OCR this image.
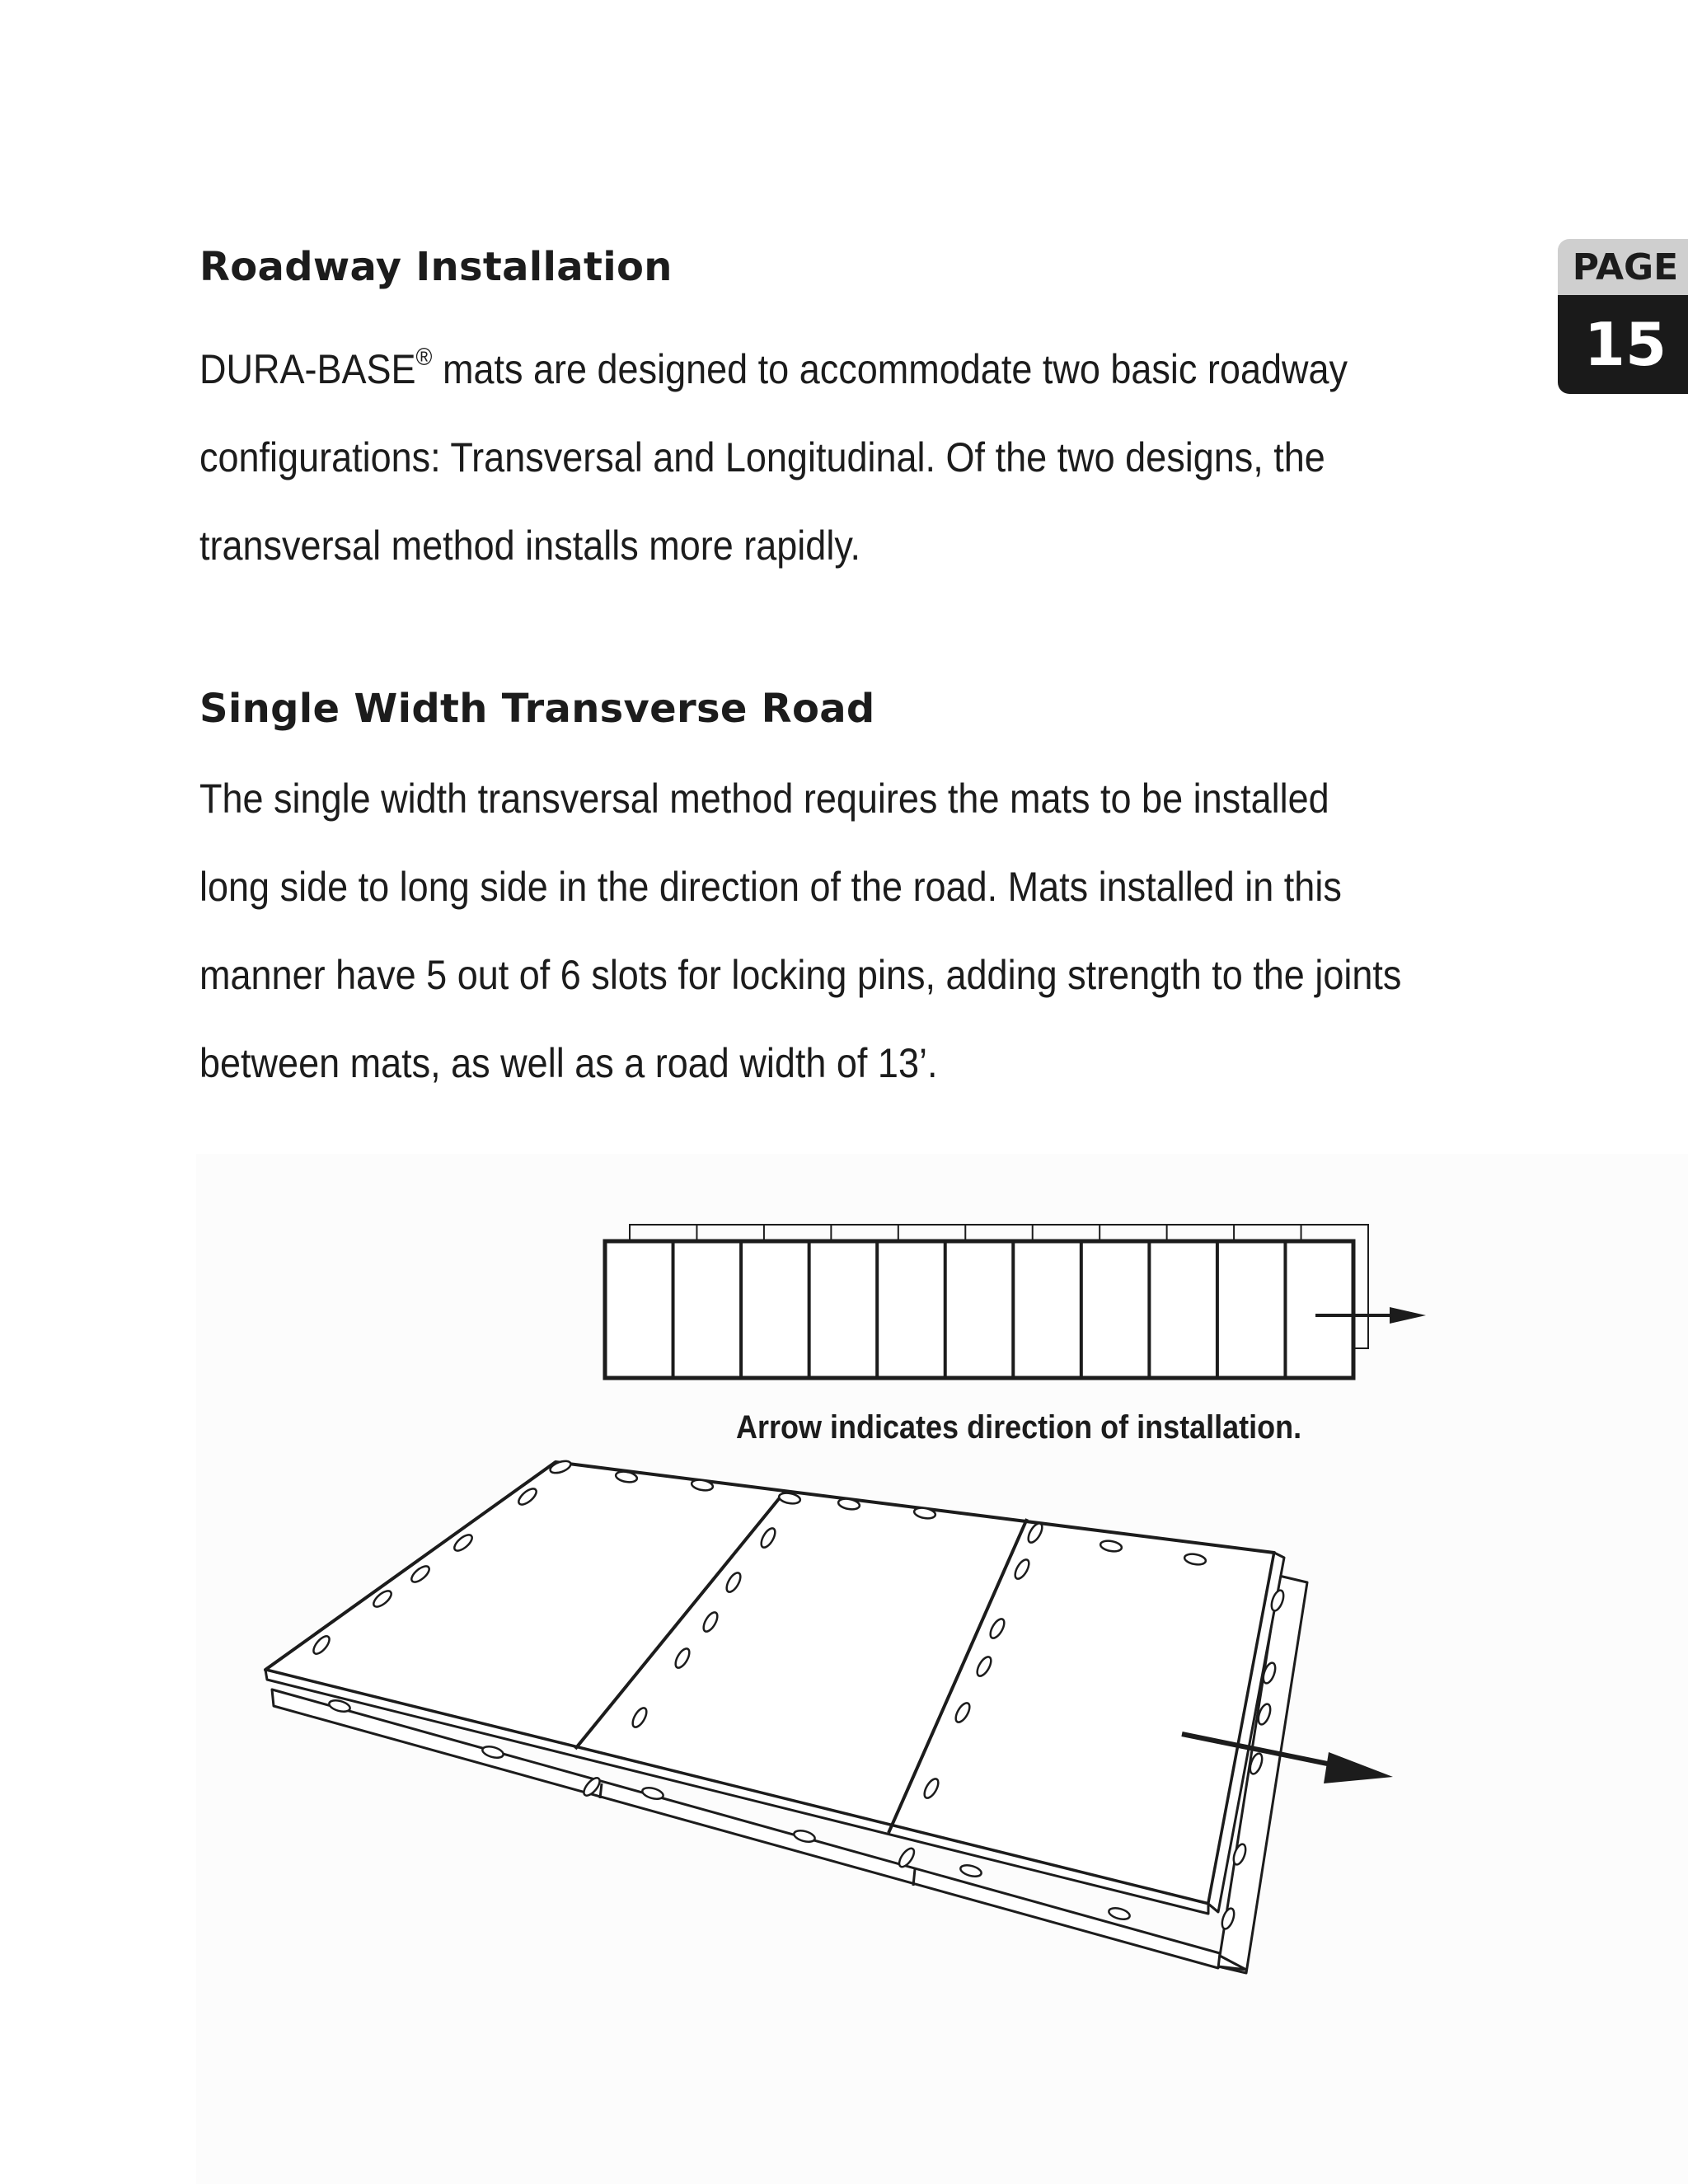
Roadway Installation

DURA-BASE® mats are designed to accommodate two basic roadway
configurations: Transversal and Longitudinal. Of the two designs, the
transversal method installs more rapidly.

PAGE
15
Single Width Transverse Road

The single width transversal method requires the mats to be installed
long side to long side in the direction of the road. Mats installed in this
manner have 5 out of 6 slots for locking pins, adding strength to the joints
between mats, as well as a road width of 13’.

Arrow indicates direction of installation.
